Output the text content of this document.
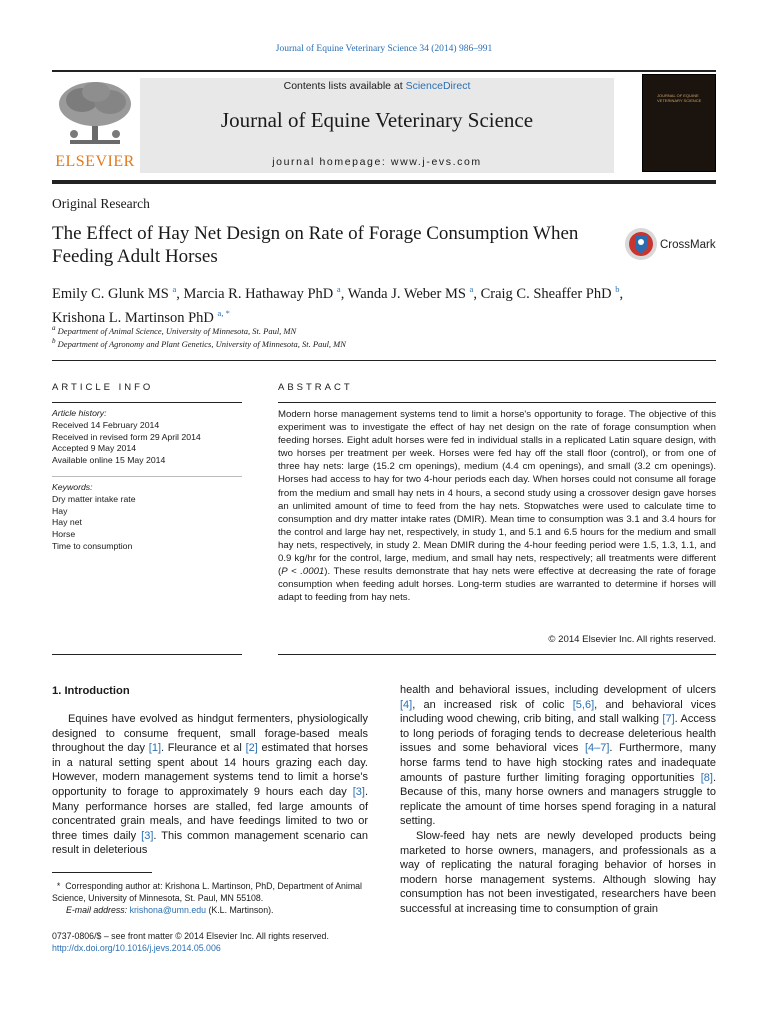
Journal of Equine Veterinary Science 34 (2014) 986–991
ELSEVIER
Contents lists available at ScienceDirect
Journal of Equine Veterinary Science
journal homepage: www.j-evs.com
JOURNAL OF EQUINE VETERINARY SCIENCE
Original Research
The Effect of Hay Net Design on Rate of Forage Consumption When Feeding Adult Horses
CrossMark
Emily C. Glunk MS $^a$, Marcia R. Hathaway PhD $^a$, Wanda J. Weber MS $^a$, Craig C. Sheaffer PhD $^b$,
Krishona L. Martinson PhD $^{a, *}$
$^a$ Department of Animal Science, University of Minnesota, St. Paul, MN
$^b$ Department of Agronomy and Plant Genetics, University of Minnesota, St. Paul, MN
ARTICLE INFO
Article history:
Received 14 February 2014
Received in revised form 29 April 2014
Accepted 9 May 2014
Available online 15 May 2014
Keywords:
Dry matter intake rate
Hay
Hay net
Horse
Time to consumption
ABSTRACT
Modern horse management systems tend to limit a horse's opportunity to forage. The objective of this experiment was to investigate the effect of hay net design on the rate of forage consumption when feeding horses. Eight adult horses were fed in individual stalls in a replicated Latin square design, with two horses per treatment per week. Horses were fed hay off the stall floor (control), or from one of three hay nets: large (15.2 cm openings), medium (4.4 cm openings), and small (3.2 cm openings). Horses had access to hay for two 4-hour periods each day. When horses could not consume all forage from the medium and small hay nets in 4 hours, a second study using a crossover design gave horses an unlimited amount of time to feed from the hay nets. Stopwatches were used to calculate time to consumption and dry matter intake rates (DMIR). Mean time to consumption was 3.1 and 3.4 hours for the control and large hay net, respectively, in study 1, and 5.1 and 6.5 hours for the medium and small hay nets, respectively, in study 2. Mean DMIR during the 4-hour feeding period were 1.5, 1.3, 1.1, and 0.9 kg/hr for the control, large, medium, and small hay nets, respectively; all treatments were different (P < .0001). These results demonstrate that hay nets were effective at decreasing the rate of forage consumption when feeding adult horses. Long-term studies are warranted to determine if horses will adapt to feeding from hay nets.
© 2014 Elsevier Inc. All rights reserved.
1. Introduction
Equines have evolved as hindgut fermenters, physiologically designed to consume frequent, small forage-based meals throughout the day [1]. Fleurance et al [2] estimated that horses in a natural setting spent about 14 hours grazing each day. However, modern management systems tend to limit a horse's opportunity to forage to approximately 9 hours each day [3]. Many performance horses are stalled, fed large amounts of concentrated grain meals, and have feedings limited to two or three times daily [3]. This common management scenario can result in deleterious
health and behavioral issues, including development of ulcers [4], an increased risk of colic [5,6], and behavioral vices including wood chewing, crib biting, and stall walking [7]. Access to long periods of foraging tends to decrease deleterious health issues and some behavioral vices [4–7]. Furthermore, many horse farms tend to have high stocking rates and inadequate amounts of pasture further limiting foraging opportunities [8]. Because of this, many horse owners and managers struggle to replicate the amount of time horses spend foraging in a natural setting.
Slow-feed hay nets are newly developed products being marketed to horse owners, managers, and professionals as a way of replicating the natural foraging behavior of horses in modern horse management systems. Although slowing hay consumption has not been investigated, researchers have been successful at increasing time to consumption of grain
*  Corresponding author at: Krishona L. Martinson, PhD, Department of Animal Science, University of Minnesota, St. Paul, MN 55108.
E-mail address: krishona@umn.edu (K.L. Martinson).
0737-0806/$ – see front matter © 2014 Elsevier Inc. All rights reserved.
http://dx.doi.org/10.1016/j.jevs.2014.05.006
